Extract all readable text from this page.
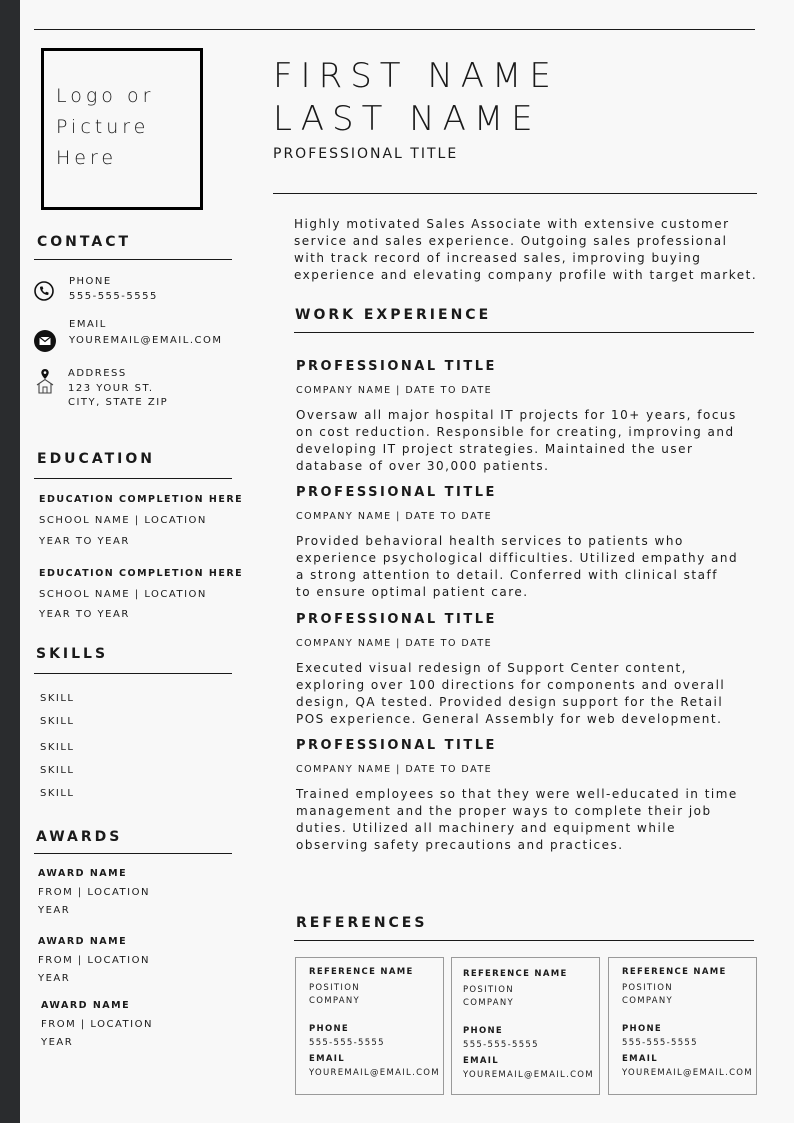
Logo or
Picture
Here
FIRST NAME
LAST NAME
PROFESSIONAL TITLE
CONTACT
PHONE
555-555-5555
EMAIL
YOUREMAIL@EMAIL.COM
ADDRESS
123 YOUR ST.
CITY, STATE ZIP
EDUCATION
EDUCATION COMPLETION HERE
SCHOOL NAME | LOCATION
YEAR TO YEAR
EDUCATION COMPLETION HERE
SCHOOL NAME | LOCATION
YEAR TO YEAR
SKILLS
SKILL
SKILL
SKILL
SKILL
SKILL
AWARDS
AWARD NAME
FROM | LOCATION
YEAR
AWARD NAME
FROM | LOCATION
YEAR
AWARD NAME
FROM | LOCATION
YEAR
Highly motivated Sales Associate with extensive customer
service and sales experience. Outgoing sales professional
with track record of increased sales, improving buying
experience and elevating company profile with target market.
WORK EXPERIENCE
PROFESSIONAL TITLE
COMPANY NAME | DATE TO DATE
Oversaw all major hospital IT projects for 10+ years, focus
on cost reduction. Responsible for creating, improving and
developing IT project strategies. Maintained the user
database of over 30,000 patients.
PROFESSIONAL TITLE
COMPANY NAME | DATE TO DATE
Provided behavioral health services to patients who
experience psychological difficulties. Utilized empathy and
a strong attention to detail. Conferred with clinical staff
to ensure optimal patient care.
PROFESSIONAL TITLE
COMPANY NAME | DATE TO DATE
Executed visual redesign of Support Center content,
exploring over 100 directions for components and overall
design, QA tested. Provided design support for the Retail
POS experience. General Assembly for web development.
PROFESSIONAL TITLE
COMPANY NAME | DATE TO DATE
Trained employees so that they were well-educated in time
management and the proper ways to complete their job
duties. Utilized all machinery and equipment while
observing safety precautions and practices.
REFERENCES
REFERENCE NAME
POSITION
COMPANY
PHONE
555-555-5555
EMAIL
YOUREMAIL@EMAIL.COM
REFERENCE NAME
POSITION
COMPANY
PHONE
555-555-5555
EMAIL
YOUREMAIL@EMAIL.COM
REFERENCE NAME
POSITION
COMPANY
PHONE
555-555-5555
EMAIL
YOUREMAIL@EMAIL.COM
